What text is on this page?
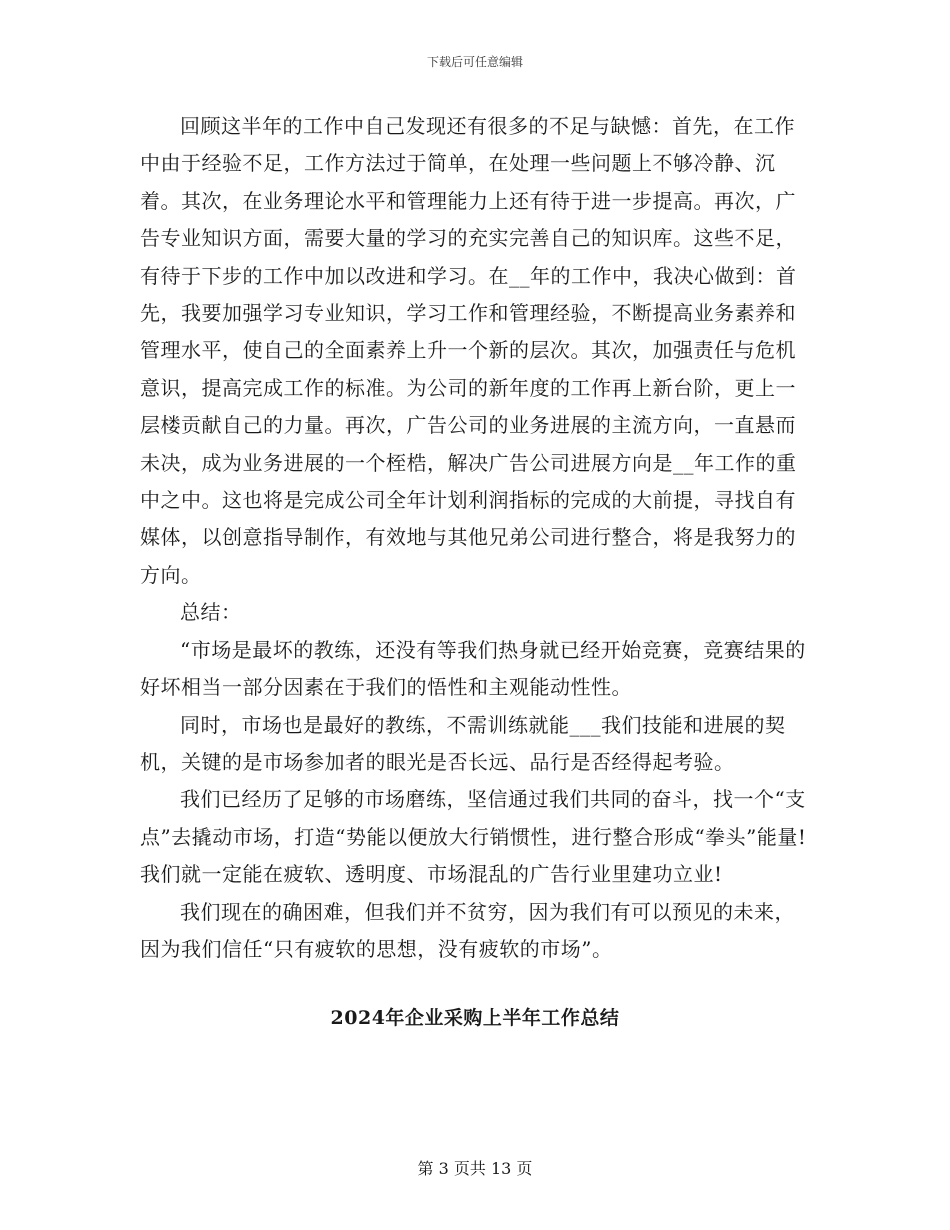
下载后可任意编辑

回顾这半年的工作中自己发现还有很多的不足与缺憾：首先，在工作中由于经验不足，工作方法过于简单，在处理一些问题上不够冷静、沉着。其次，在业务理论水平和管理能力上还有待于进一步提高。再次，广告专业知识方面，需要大量的学习的充实完善自己的知识库。这些不足，有待于下步的工作中加以改进和学习。在__年的工作中，我决心做到：首先，我要加强学习专业知识，学习工作和管理经验，不断提高业务素养和管理水平，使自己的全面素养上升一个新的层次。其次，加强责任与危机意识，提高完成工作的标准。为公司的新年度的工作再上新台阶，更上一层楼贡献自己的力量。再次，广告公司的业务进展的主流方向，一直悬而未决，成为业务进展的一个桎梏，解决广告公司进展方向是__年工作的重中之中。这也将是完成公司全年计划利润指标的完成的大前提，寻找自有媒体，以创意指导制作，有效地与其他兄弟公司进行整合，将是我努力的方向。

总结：

“市场是最坏的教练，还没有等我们热身就已经开始竞赛，竞赛结果的好坏相当一部分因素在于我们的悟性和主观能动性性。

同时，市场也是最好的教练，不需训练就能___我们技能和进展的契机，关键的是市场参加者的眼光是否长远、品行是否经得起考验。

我们已经历了足够的市场磨练，坚信通过我们共同的奋斗，找一个“支点”去撬动市场，打造“势能以便放大行销惯性，进行整合形成“拳头”能量!我们就一定能在疲软、透明度、市场混乱的广告行业里建功立业!

我们现在的确困难，但我们并不贫穷，因为我们有可以预见的未来，因为我们信任“只有疲软的思想，没有疲软的市场”。

2024年企业采购上半年工作总结
第 3 页共 13 页
